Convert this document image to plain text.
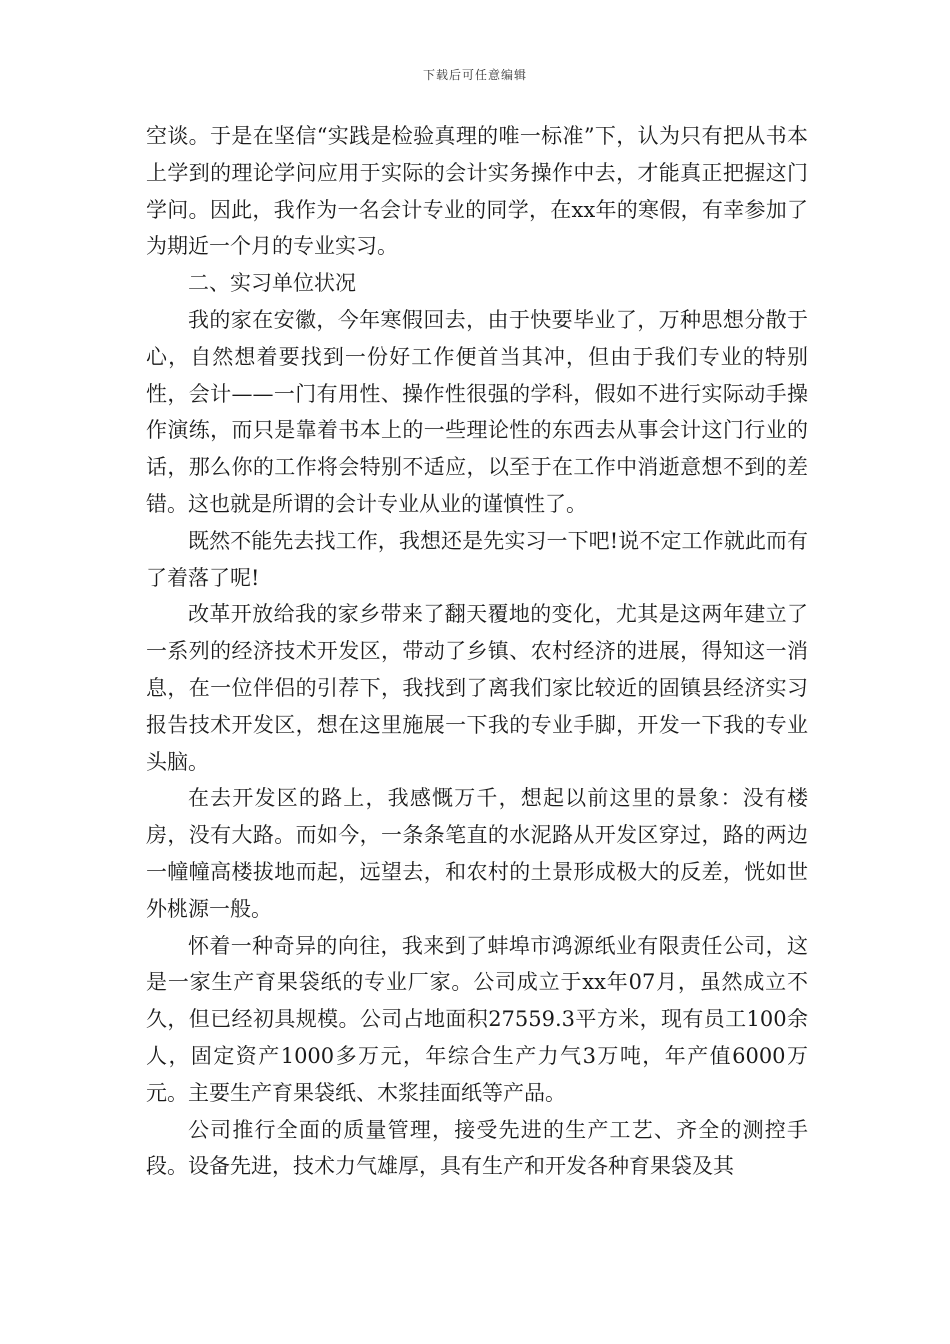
下载后可任意编辑

空谈。于是在坚信“实践是检验真理的唯一标准”下，认为只有把从书本上学到的理论学问应用于实际的会计实务操作中去，才能真正把握这门学问。因此，我作为一名会计专业的同学，在xx年的寒假，有幸参加了为期近一个月的专业实习。

二、实习单位状况

我的家在安徽，今年寒假回去，由于快要毕业了，万种思想分散于心，自然想着要找到一份好工作便首当其冲，但由于我们专业的特别性，会计——一门有用性、操作性很强的学科，假如不进行实际动手操作演练，而只是靠着书本上的一些理论性的东西去从事会计这门行业的话，那么你的工作将会特别不适应，以至于在工作中消逝意想不到的差错。这也就是所谓的会计专业从业的谨慎性了。

既然不能先去找工作，我想还是先实习一下吧!说不定工作就此而有了着落了呢!

改革开放给我的家乡带来了翻天覆地的变化，尤其是这两年建立了一系列的经济技术开发区，带动了乡镇、农村经济的进展，得知这一消息，在一位伴侣的引荐下，我找到了离我们家比较近的固镇县经济实习报告技术开发区，想在这里施展一下我的专业手脚，开发一下我的专业头脑。

在去开发区的路上，我感慨万千，想起以前这里的景象：没有楼房，没有大路。而如今，一条条笔直的水泥路从开发区穿过，路的两边一幢幢高楼拔地而起，远望去，和农村的土景形成极大的反差，恍如世外桃源一般。

怀着一种奇异的向往，我来到了蚌埠市鸿源纸业有限责任公司，这是一家生产育果袋纸的专业厂家。公司成立于xx年07月，虽然成立不久，但已经初具规模。公司占地面积27559.3平方米，现有员工100余人，固定资产1000多万元，年综合生产力气3万吨，年产值6000万元。主要生产育果袋纸、木浆挂面纸等产品。

公司推行全面的质量管理，接受先进的生产工艺、齐全的测控手段。设备先进，技术力气雄厚，具有生产和开发各种育果袋及其
